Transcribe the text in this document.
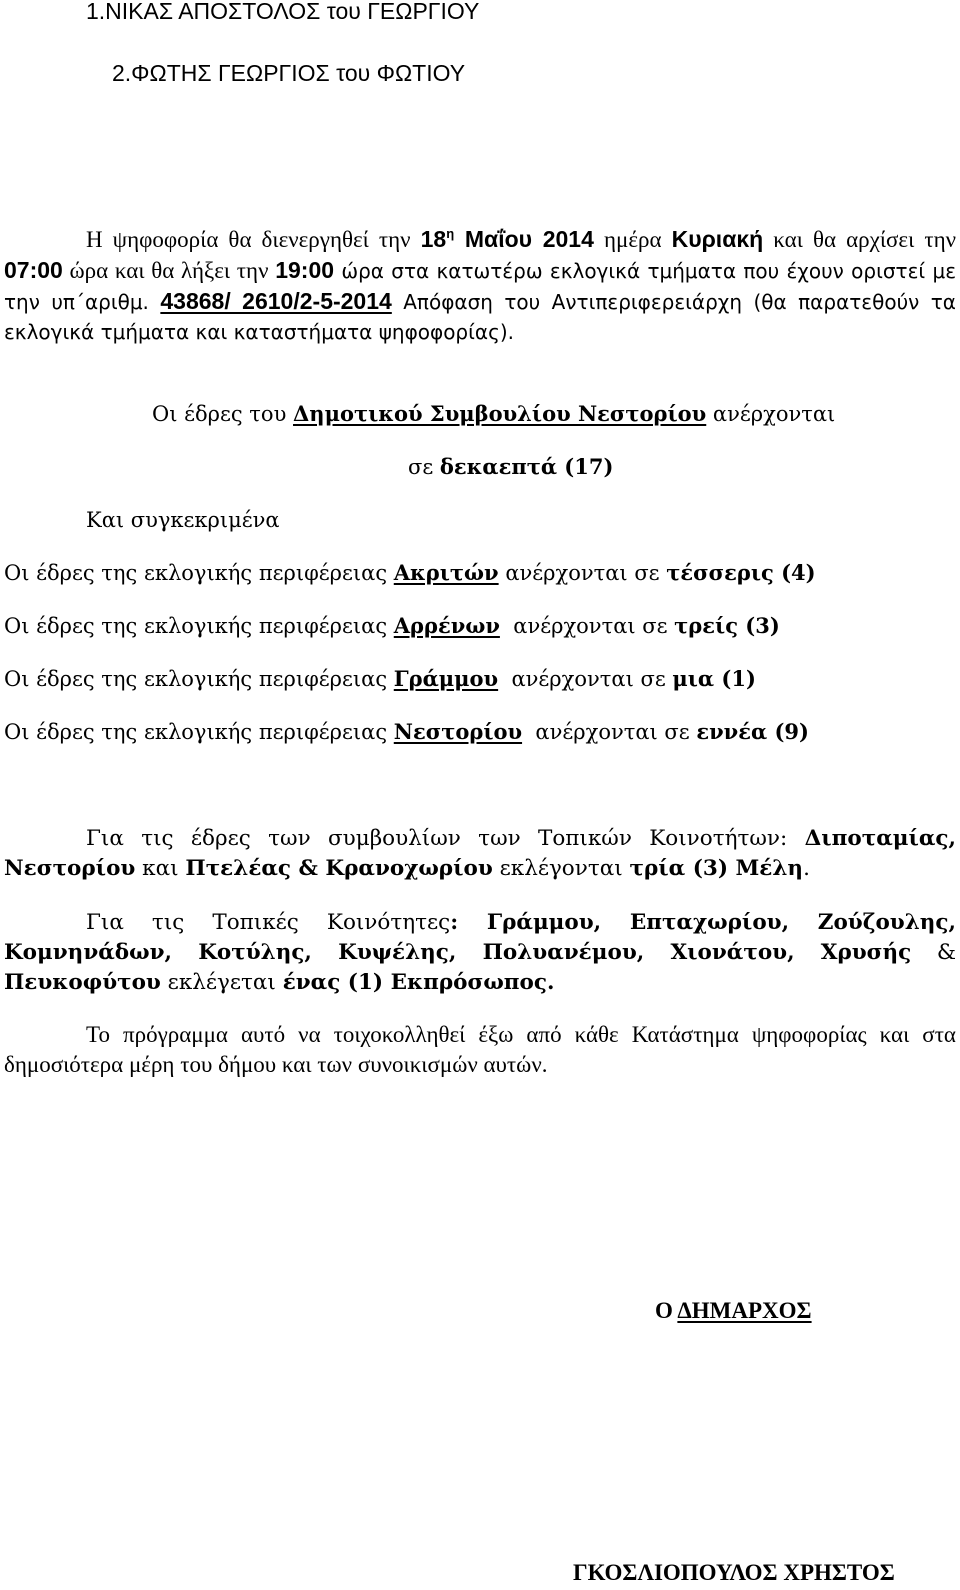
1.ΝΙΚΑΣ ΑΠΟΣΤΟΛΟΣ του ΓΕΩΡΓΙΟΥ
2.ΦΩΤΗΣ ΓΕΩΡΓΙΟΣ του ΦΩΤΙΟΥ
Η ψηφοφορία θα διενεργηθεί την $18^\eta$ Μαΐου 2014 ημέρα Κυριακή και θα αρχίσει την 07:00 ώρα και θα λήξει την 19:00 ώρα στα κατωτέρω εκλογικά τμήματα που έχουν οριστεί με την υπ΄αριθμ. 43868/ 2610/2-5-2014 Απόφαση του Αντιπεριφερειάρχη (θα παρατεθούν τα εκλογικά τμήματα και καταστήματα ψηφοφορίας).
Οι έδρες του Δημοτικού Συμβουλίου Νεστορίου ανέρχονται
σε δεκαεπτά (17)
Και συγκεκριμένα
Οι έδρες της εκλογικής περιφέρειας Ακριτών ανέρχονται σε τέσσερις (4)
Οι έδρες της εκλογικής περιφέρειας Αρρένων ανέρχονται σε τρείς (3)
Οι έδρες της εκλογικής περιφέρειας Γράμμου ανέρχονται σε μια (1)
Οι έδρες της εκλογικής περιφέρειας Νεστορίου ανέρχονται σε εννέα (9)
Για τις έδρες των συμβουλίων των Τοπικών Κοινοτήτων: Διποταμίας, Νεστορίου και Πτελέας & Κρανοχωρίου εκλέγονται τρία (3) Μέλη.
Για τις Τοπικές Κοινότητες: Γράμμου, Επταχωρίου, Ζούζουλης, Κομνηνάδων, Κοτύλης, Κυψέλης, Πολυανέμου, Χιονάτου, Χρυσής & Πευκοφύτου εκλέγεται ένας (1) Εκπρόσωπος.
Το πρόγραμμα αυτό να τοιχοκολληθεί έξω από κάθε Κατάστημα ψηφοφορίας και στα δημοσιότερα μέρη του δήμου και των συνοικισμών αυτών.
Ο ΔΗΜΑΡΧΟΣ
ΓΚΟΣΛΙΟΠΟΥΛΟΣ ΧΡΗΣΤΟΣ
